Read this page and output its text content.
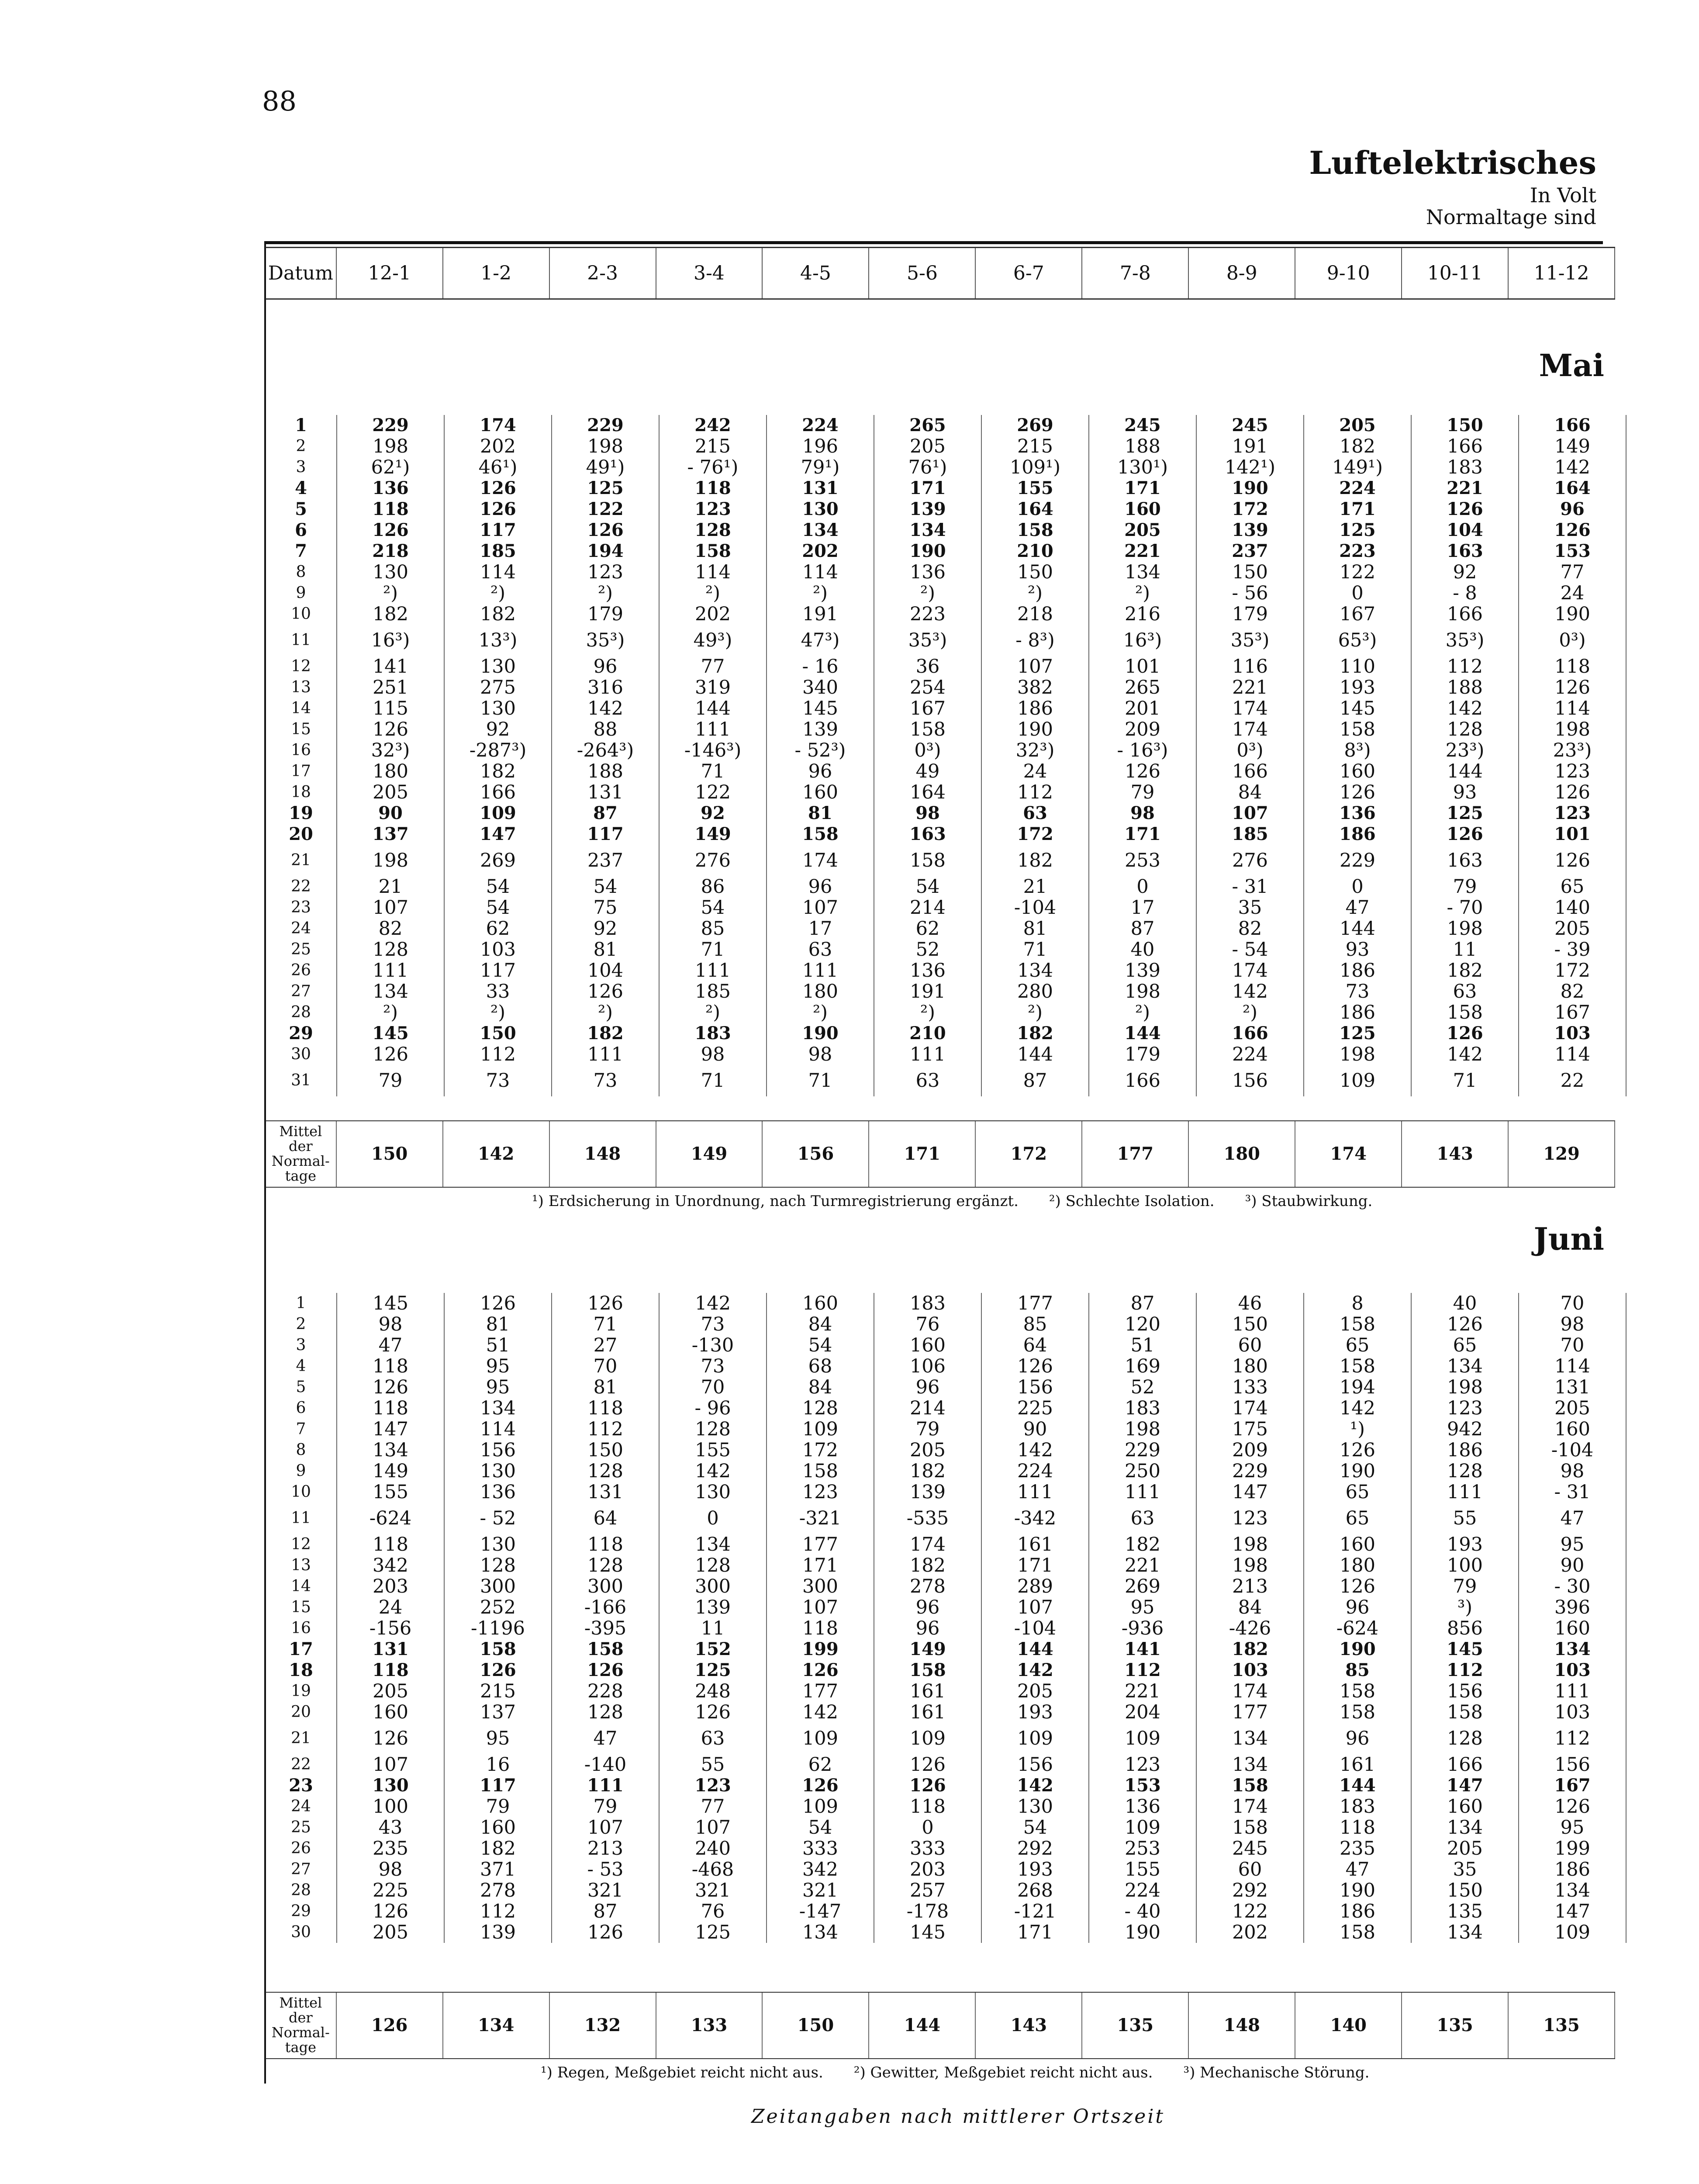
88
Luftelektrisches
In Volt
Normaltage sind
Datum	12-1	1-2	2-3	3-4	4-5	5-6	6-7	7-8	8-9	9-10	10-11	11-12
Mai
1	229	174	229	242	224	265	269	245	245	205	150	166
2	198	202	198	215	196	205	215	188	191	182	166	149
3	62¹)	46¹)	49¹)	- 76¹)	79¹)	76¹)	109¹)	130¹)	142¹)	149¹)	183	142
4	136	126	125	118	131	171	155	171	190	224	221	164
5	118	126	122	123	130	139	164	160	172	171	126	96
6	126	117	126	128	134	134	158	205	139	125	104	126
7	218	185	194	158	202	190	210	221	237	223	163	153
8	130	114	123	114	114	136	150	134	150	122	92	77
9	²)	²)	²)	²)	²)	²)	²)	²)	- 56	0	- 8	24
10	182	182	179	202	191	223	218	216	179	167	166	190
11	16³)	13³)	35³)	49³)	47³)	35³)	- 8³)	16³)	35³)	65³)	35³)	0³)
12	141	130	96	77	- 16	36	107	101	116	110	112	118
13	251	275	316	319	340	254	382	265	221	193	188	126
14	115	130	142	144	145	167	186	201	174	145	142	114
15	126	92	88	111	139	158	190	209	174	158	128	198
16	32³)	-287³)	-264³)	-146³)	- 52³)	0³)	32³)	- 16³)	0³)	8³)	23³)	23³)
17	180	182	188	71	96	49	24	126	166	160	144	123
18	205	166	131	122	160	164	112	79	84	126	93	126
19	90	109	87	92	81	98	63	98	107	136	125	123
20	137	147	117	149	158	163	172	171	185	186	126	101
21	198	269	237	276	174	158	182	253	276	229	163	126
22	21	54	54	86	96	54	21	0	- 31	0	79	65
23	107	54	75	54	107	214	-104	17	35	47	- 70	140
24	82	62	92	85	17	62	81	87	82	144	198	205
25	128	103	81	71	63	52	71	40	- 54	93	11	- 39
26	111	117	104	111	111	136	134	139	174	186	182	172
27	134	33	126	185	180	191	280	198	142	73	63	82
28	²)	²)	²)	²)	²)	²)	²)	²)	²)	186	158	167
29	145	150	182	183	190	210	182	144	166	125	126	103
30	126	112	111	98	98	111	144	179	224	198	142	114
31	79	73	73	71	71	63	87	166	156	109	71	22
Mittel der Normal-tage
150	142	148	149	156	171	172	177	180	174	143	129
¹) Erdsicherung in Unordnung, nach Turmregistrierung ergänzt. ²) Schlechte Isolation. ³) Staubwirkung.
Juni
1	145	126	126	142	160	183	177	87	46	8	40	70
2	98	81	71	73	84	76	85	120	150	158	126	98
3	47	51	27	-130	54	160	64	51	60	65	65	70
4	118	95	70	73	68	106	126	169	180	158	134	114
5	126	95	81	70	84	96	156	52	133	194	198	131
6	118	134	118	- 96	128	214	225	183	174	142	123	205
7	147	114	112	128	109	79	90	198	175	¹)	942	160
8	134	156	150	155	172	205	142	229	209	126	186	-104
9	149	130	128	142	158	182	224	250	229	190	128	98
10	155	136	131	130	123	139	111	111	147	65	111	- 31
11	-624	- 52	64	0	-321	-535	-342	63	123	65	55	47
12	118	130	118	134	177	174	161	182	198	160	193	95
13	342	128	128	128	171	182	171	221	198	180	100	90
14	203	300	300	300	300	278	289	269	213	126	79	- 30
15	24	252	-166	139	107	96	107	95	84	96	³)	396
16	-156	-1196	-395	11	118	96	-104	-936	-426	-624	856	160
17	131	158	158	152	199	149	144	141	182	190	145	134
18	118	126	126	125	126	158	142	112	103	85	112	103
19	205	215	228	248	177	161	205	221	174	158	156	111
20	160	137	128	126	142	161	193	204	177	158	158	103
21	126	95	47	63	109	109	109	109	134	96	128	112
22	107	16	-140	55	62	126	156	123	134	161	166	156
23	130	117	111	123	126	126	142	153	158	144	147	167
24	100	79	79	77	109	118	130	136	174	183	160	126
25	43	160	107	107	54	0	54	109	158	118	134	95
26	235	182	213	240	333	333	292	253	245	235	205	199
27	98	371	- 53	-468	342	203	193	155	60	47	35	186
28	225	278	321	321	321	257	268	224	292	190	150	134
29	126	112	87	76	-147	-178	-121	- 40	122	186	135	147
30	205	139	126	125	134	145	171	190	202	158	134	109
Mittel der Normal-tage
126	134	132	133	150	144	143	135	148	140	135	135
¹) Regen, Meßgebiet reicht nicht aus. ²) Gewitter, Meßgebiet reicht nicht aus. ³) Mechanische Störung.
Zeitangaben nach mittlerer Ortszeit
